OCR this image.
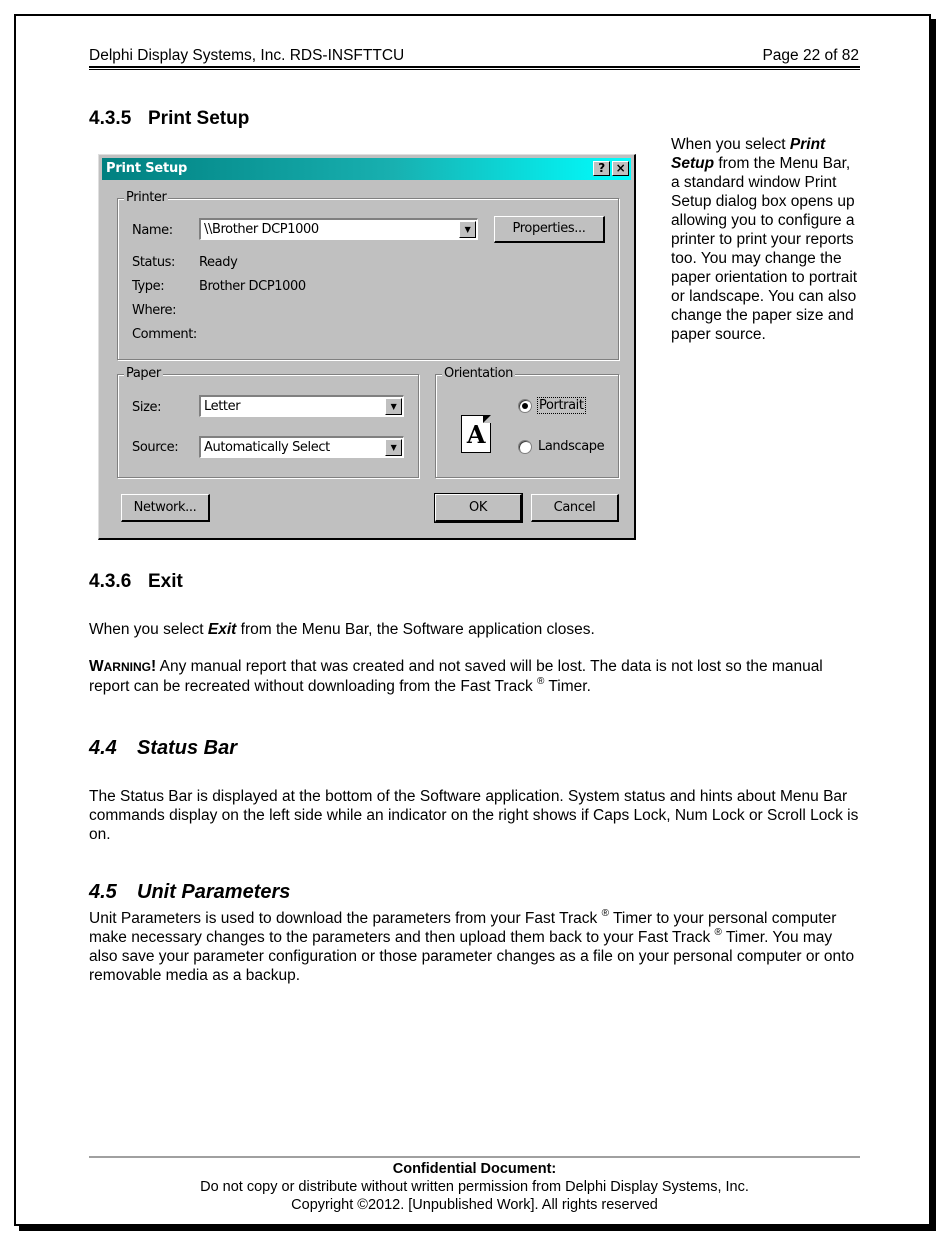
Delphi Display Systems, Inc. RDS-INSFTTCU	Page 22 of 82
4.3.5 Print Setup
When you select Print Setup from the Menu Bar, a standard window Print Setup dialog box opens up allowing you to configure a printer to print your reports too. You may change the paper orientation to portrait or landscape. You can also change the paper size and paper source.
Print Setup	? ×
Printer
Name: \\Brother DCP1000	▼	Properties...
Status: Ready
Type:	Brother DCP1000
Where:
Comment:
Paper
Size:	Letter	▼
Source: Automatically Select	▼
Orientation
A
Portrait
Landscape
Network...	OK	Cancel
4.3.6 Exit
When you select Exit from the Menu Bar, the Software application closes.
WARNING! Any manual report that was created and not saved will be lost. The data is not lost so the manual report can be recreated without downloading from the Fast Track ® Timer.
4.4 Status Bar
The Status Bar is displayed at the bottom of the Software application. System status and hints about Menu Bar commands display on the left side while an indicator on the right shows if Caps Lock, Num Lock or Scroll Lock is on.
4.5 Unit Parameters
Unit Parameters is used to download the parameters from your Fast Track ® Timer to your personal computer make necessary changes to the parameters and then upload them back to your Fast Track ® Timer. You may also save your parameter configuration or those parameter changes as a file on your personal computer or onto removable media as a backup.
Confidential Document:
Do not copy or distribute without written permission from Delphi Display Systems, Inc.
Copyright ©2012. [Unpublished Work]. All rights reserved
